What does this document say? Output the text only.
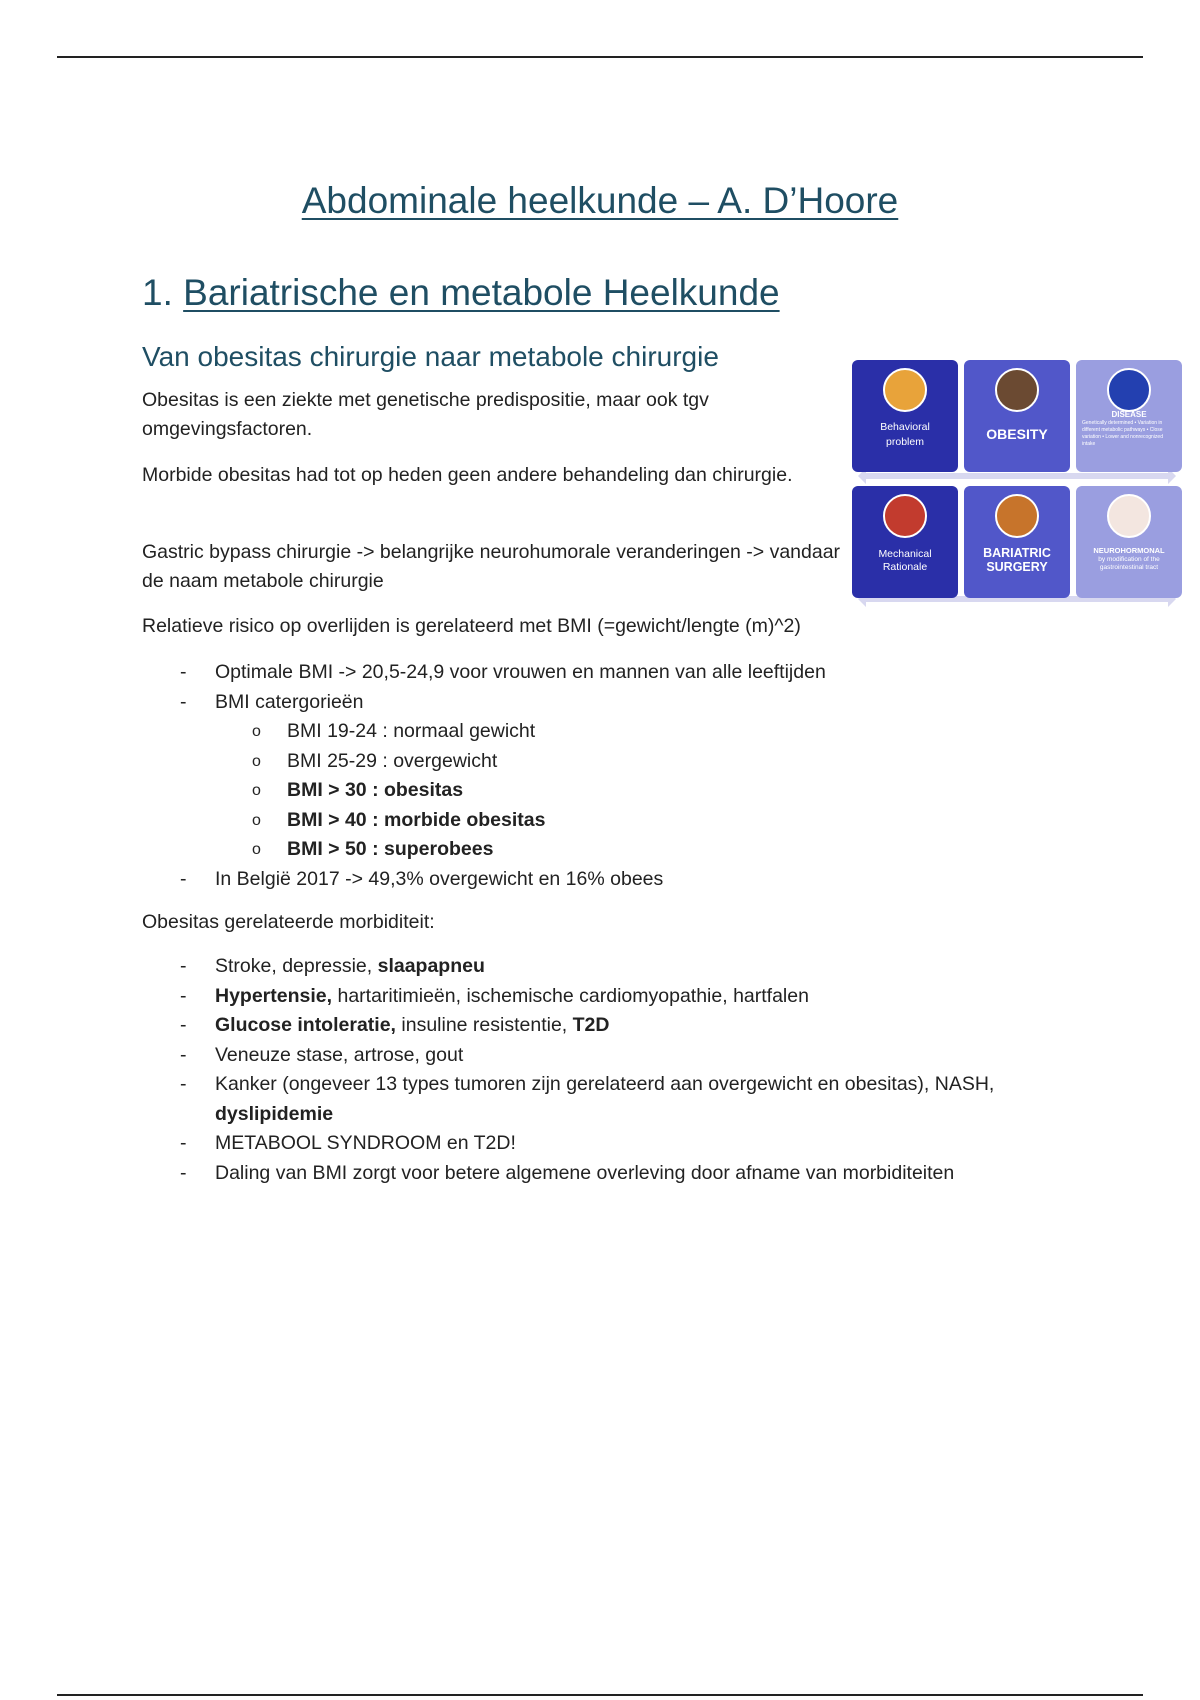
Abdominale heelkunde – A. D’Hoore
1. Bariatrische en metabole Heelkunde
Van obesitas chirurgie naar metabole chirurgie
Obesitas is een ziekte met genetische predispositie, maar ook tgv omgevingsfactoren.
Morbide obesitas had tot op heden geen andere behandeling dan chirurgie.
Gastric bypass chirurgie -> belangrijke neurohumorale veranderingen -> vandaar de naam metabole chirurgie
Relatieve risico op overlijden is gerelateerd met BMI (=gewicht/lengte (m)^2)
Behavioral problem	OBESITY
DISEASE
Genetically determined • Variation in different metabolic pathways • Close variation • Lower and nonrecognized intake
Mechanical Rationale
BARIATRIC SURGERY
NEUROHORMONAL
by modification of the gastrointestinal tract
- Optimale BMI -> 20,5-24,9 voor vrouwen en mannen van alle leeftijden
- BMI catergorieën
o BMI 19-24 : normaal gewicht
o BMI 25-29 : overgewicht
o BMI > 30 : obesitas
o BMI > 40 : morbide obesitas
o BMI > 50 : superobees
- In België 2017 -> 49,3% overgewicht en 16% obees
Obesitas gerelateerde morbiditeit:
- Stroke, depressie, slaapapneu
- Hypertensie, hartaritimieën, ischemische cardiomyopathie, hartfalen
- Glucose intoleratie, insuline resistentie, T2D
- Veneuze stase, artrose, gout
- Kanker (ongeveer 13 types tumoren zijn gerelateerd aan overgewicht en obesitas), NASH, dyslipidemie
- METABOOL SYNDROOM en T2D!
- Daling van BMI zorgt voor betere algemene overleving door afname van morbiditeiten
